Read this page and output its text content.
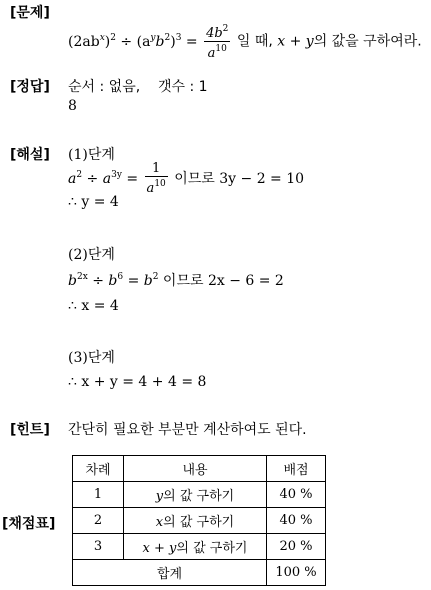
[문제]
$(2ab^x)^2 \div (a^yb^2)^3 = \frac{4b^2}{a^{10}}$ 일 때, x + y의 값을 구하여라.
[정답] 순서 : 없음, 갯수 : 1
8
[해설] (1)단계
$a^2 \div a^{3y} = \frac{1}{a^{10}}$ 이므로 3y − 2 = 10
∴ y = 4
(2)단계
$b^{2x} \div b^6 = b^2$ 이므로 2x − 6 = 2
∴ x = 4
(3)단계
∴ x + y = 4 + 4 = 8
[힌트] 간단히 필요한 부분만 계산하여도 된다.
[채점표]
차례	내용	배점
1	y의 값 구하기	40 %
2	x의 값 구하기	40 %
3	x + y의 값 구하기	20 %
합계		100 %
